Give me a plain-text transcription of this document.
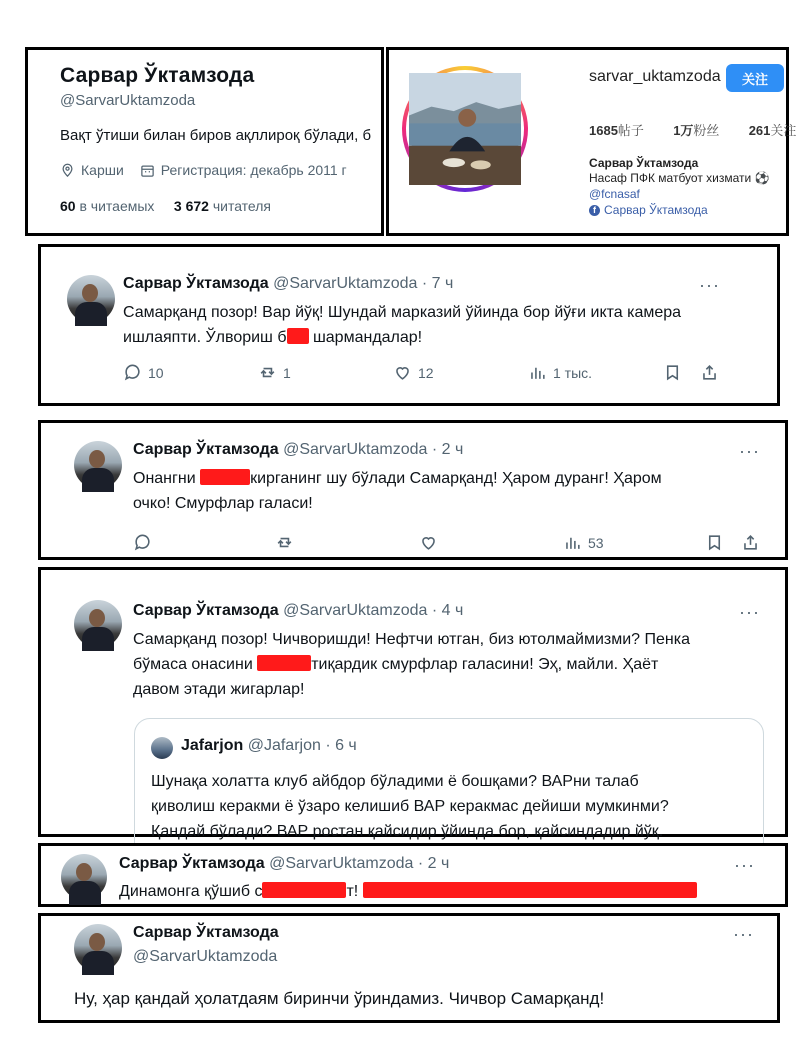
Сарвар Ўктамзода
@SarvarUktamzoda
Вақт ўтиши билан биров ақллироқ бўлади, б
Карши	Регистрация: декабрь 2011 г
60 в читаемых 3 672 читателя
sarvar_uktamzoda	关注
1685帖子 1万粉丝 261关注
Сарвар Ўктамзода
Насаф ПФК матбуот хизмати ⚽
@fcnasaf
f Сарвар Ўктамзода
Сарвар Ўктамзода @SarvarUktamzoda · 7 ч	···
Самарқанд позор! Вар йўқ! Шундай марказий ўйинда бор йўғи икта камера
ишлаяпти. Ўлвориш б шармандалар!
10	1	12	1 тыс.
Сарвар Ўктамзода @SarvarUktamzoda · 2 ч	···
Онангни	кирганинг шу бўлади Самарқанд! Ҳаром дуранг! Ҳаром
очко! Смурфлар галаси!
53
Сарвар Ўктамзода @SarvarUktamzoda · 4 ч	···
Самарқанд позор! Чичворишди! Нефтчи ютган, биз ютолмаймизми? Пенка
бўмаса онасини	тиқардик смурфлар галасини! Эҳ, майли. Ҳаёт
давом этади жигарлар!
Jafarjon @Jafarjon · 6 ч
Шунақа холатта клуб айбдор бўладими ё бошқами? ВАРни талаб
қиволиш керакми ё ўзаро келишиб ВАР керакмас дейиши мумкинми?
Қандай бўлади? ВАР ростан қайсидир ўйинда бор, қайсиндадир йўқ.
Сарвар Ўктамзода @SarvarUktamzoda · 2 ч	···
Динамонга қўшиб с	т!
Сарвар Ўктамзода
@SarvarUktamzoda
···
Ну, ҳар қандай ҳолатдаям биринчи ўриндамиз. Чичвор Самарқанд!
